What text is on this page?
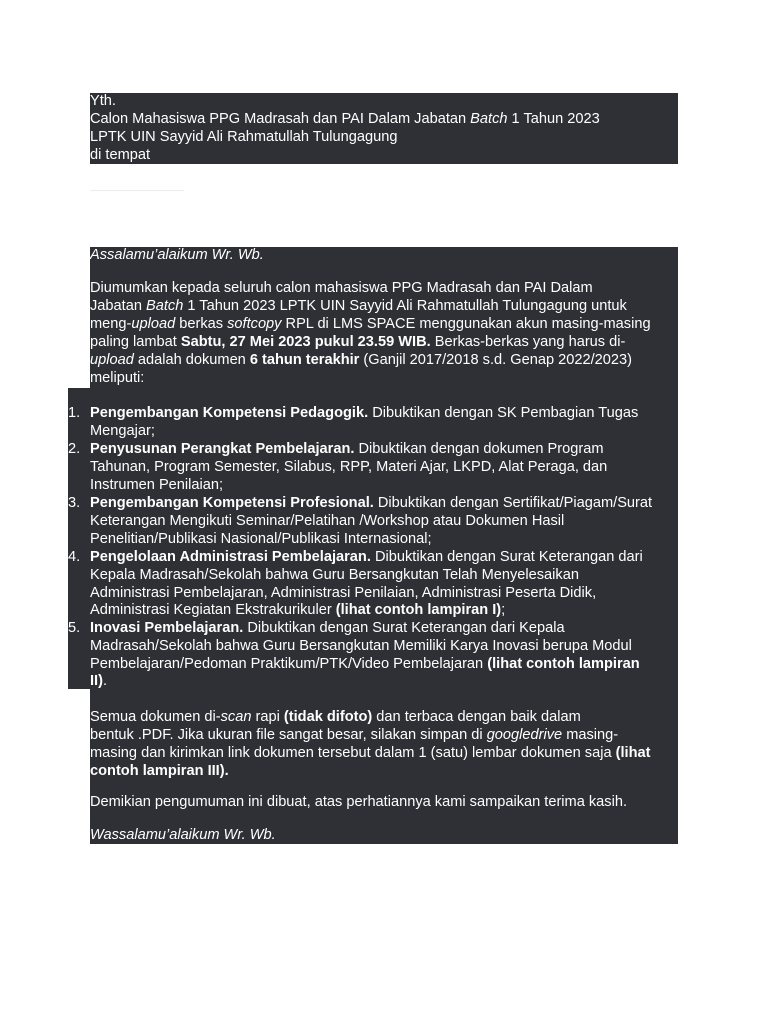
Yth.
Calon Mahasiswa PPG Madrasah dan PAI Dalam Jabatan Batch 1 Tahun 2023
LPTK UIN Sayyid Ali Rahmatullah Tulungagung
di tempat
Assalamu’alaikum Wr. Wb.
Diumumkan kepada seluruh calon mahasiswa PPG Madrasah dan PAI Dalam
Jabatan Batch 1 Tahun 2023 LPTK UIN Sayyid Ali Rahmatullah Tulungagung untuk
meng-upload berkas softcopy RPL di LMS SPACE menggunakan akun masing-masing
paling lambat Sabtu, 27 Mei 2023 pukul 23.59 WIB. Berkas-berkas yang harus di-
upload adalah dokumen 6 tahun terakhir (Ganjil 2017/2018 s.d. Genap 2022/2023)
meliputi:
1. Pengembangan Kompetensi Pedagogik. Dibuktikan dengan SK Pembagian Tugas
Mengajar;
2. Penyusunan Perangkat Pembelajaran. Dibuktikan dengan dokumen Program
Tahunan, Program Semester, Silabus, RPP, Materi Ajar, LKPD, Alat Peraga, dan
Instrumen Penilaian;
3. Pengembangan Kompetensi Profesional. Dibuktikan dengan Sertifikat/Piagam/Surat
Keterangan Mengikuti Seminar/Pelatihan /Workshop atau Dokumen Hasil
Penelitian/Publikasi Nasional/Publikasi Internasional;
4. Pengelolaan Administrasi Pembelajaran. Dibuktikan dengan Surat Keterangan dari
Kepala Madrasah/Sekolah bahwa Guru Bersangkutan Telah Menyelesaikan
Administrasi Pembelajaran, Administrasi Penilaian, Administrasi Peserta Didik,
Administrasi Kegiatan Ekstrakurikuler (lihat contoh lampiran I);
5. Inovasi Pembelajaran. Dibuktikan dengan Surat Keterangan dari Kepala
Madrasah/Sekolah bahwa Guru Bersangkutan Memiliki Karya Inovasi berupa Modul
Pembelajaran/Pedoman Praktikum/PTK/Video Pembelajaran (lihat contoh lampiran
II).
Semua dokumen di-scan rapi (tidak difoto) dan terbaca dengan baik dalam
bentuk .PDF. Jika ukuran file sangat besar, silakan simpan di googledrive masing-
masing dan kirimkan link dokumen tersebut dalam 1 (satu) lembar dokumen saja (lihat
contoh lampiran III).
Demikian pengumuman ini dibuat, atas perhatiannya kami sampaikan terima kasih.
Wassalamu’alaikum Wr. Wb.
